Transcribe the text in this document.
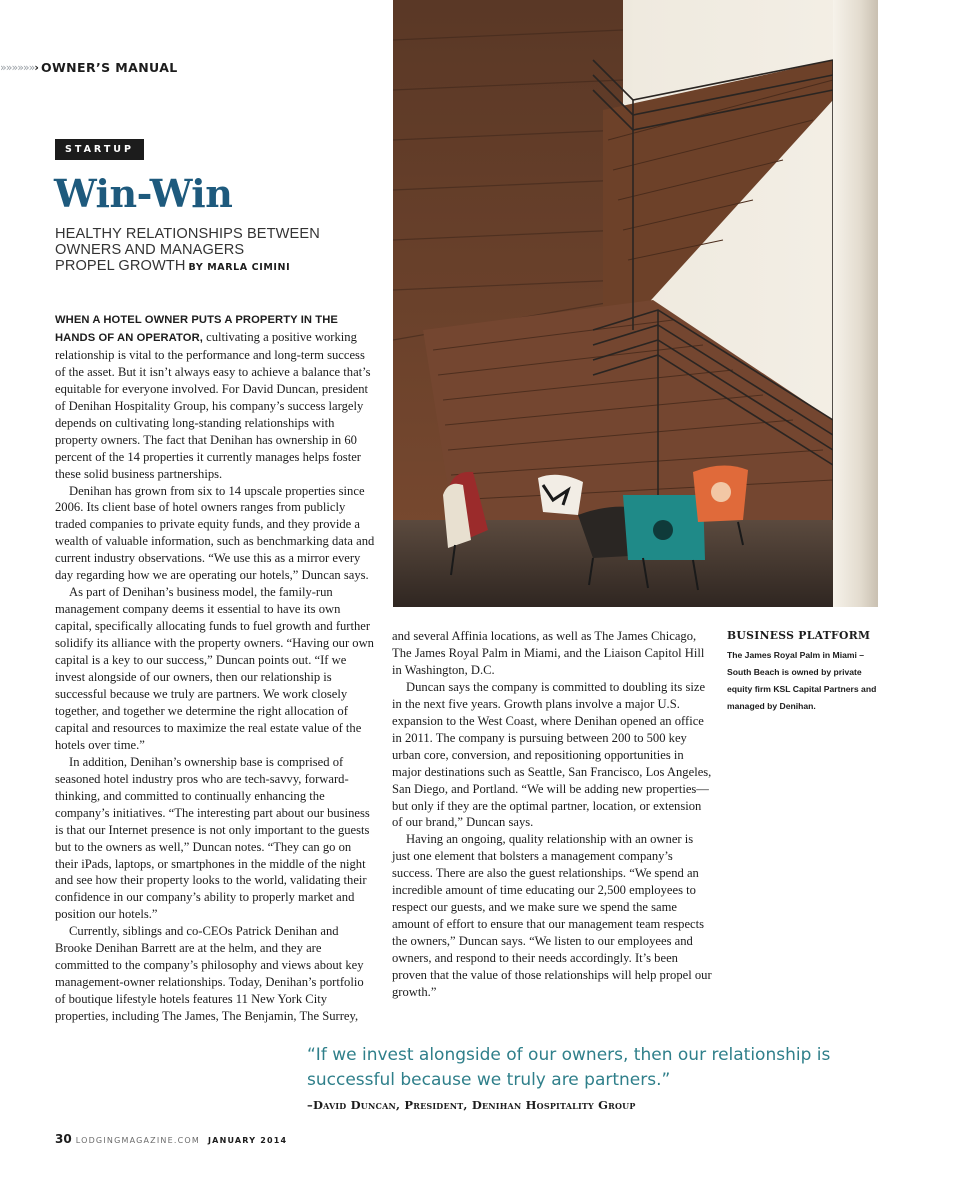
»»»»»»› OWNER’S MANUAL
STARTUP
Win-Win
HEALTHY RELATIONSHIPS BETWEEN
OWNERS AND MANAGERS
PROPEL GROWTH BY MARLA CIMINI

WHEN A HOTEL OWNER PUTS A PROPERTY IN THE HANDS OF AN OPERATOR, cultivating a positive working relationship is vital to the performance and long-term success of the asset. But it isn’t always easy to achieve a balance that’s equitable for everyone involved. For David Duncan, president of Denihan Hospitality Group, his company’s success largely depends on cultivating long-standing relationships with property owners. The fact that Denihan has ownership in 60 percent of the 14 properties it currently manages helps foster these solid business partnerships.

Denihan has grown from six to 14 upscale properties since 2006. Its client base of hotel owners ranges from publicly traded companies to private equity funds, and they provide a wealth of valuable information, such as benchmarking data and current industry observations. “We use this as a mirror every day regarding how we are operating our hotels,” Duncan says.

As part of Denihan’s business model, the family-run management company deems it essential to have its own capital, specifically allocating funds to fuel growth and further solidify its alliance with the property owners. “Having our own capital is a key to our success,” Duncan points out. “If we invest alongside of our owners, then our relationship is successful because we truly are partners. We work closely together, and together we determine the right allocation of capital and resources to maximize the real estate value of the hotels over time.”

In addition, Denihan’s ownership base is comprised of seasoned hotel industry pros who are tech-savvy, forward-thinking, and committed to continually enhancing the company’s initiatives. “The interesting part about our business is that our Internet presence is not only important to the guests but to the owners as well,” Duncan notes. “They can go on their iPads, laptops, or smartphones in the middle of the night and see how their property looks to the world, validating their confidence in our company’s ability to properly market and position our hotels.”

Currently, siblings and co-CEOs Patrick Denihan and Brooke Denihan Barrett are at the helm, and they are committed to the company’s philosophy and views about key management-owner relationships. Today, Denihan’s portfolio of boutique lifestyle hotels features 11 New York City properties, including The James, The Benjamin, The Surrey,

BUSINESS PLATFORM
The James Royal Palm in Miami – South Beach is owned by private equity firm KSL Capital Partners and managed by Denihan.

and several Affinia locations, as well as The James Chicago, The James Royal Palm in Miami, and the Liaison Capitol Hill in Washington, D.C.

Duncan says the company is committed to doubling its size in the next five years. Growth plans involve a major U.S. expansion to the West Coast, where Denihan opened an office in 2011. The company is pursuing between 200 to 500 key urban core, conversion, and repositioning opportunities in major destinations such as Seattle, San Francisco, Los Angeles, San Diego, and Portland. “We will be adding new properties—but only if they are the optimal partner, location, or extension of our brand,” Duncan says.

Having an ongoing, quality relationship with an owner is just one element that bolsters a management company’s success. There are also the guest relationships. “We spend an incredible amount of time educating our 2,500 employees to respect our guests, and we make sure we spend the same amount of effort to ensure that our management team respects the owners,” Duncan says. “We listen to our employees and owners, and respond to their needs accordingly. It’s been proven that the value of those relationships will help propel our growth.”

“If we invest alongside of our owners, then our relationship is successful because we truly are partners.”
–David Duncan, President, Denihan Hospitality Group
30 LODGINGMAGAZINE.COM JANUARY 2014
